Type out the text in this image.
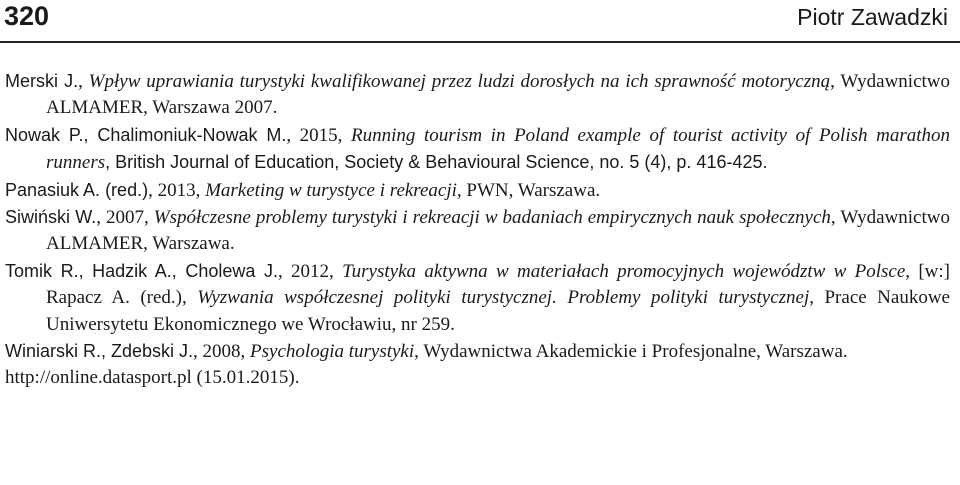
320	Piotr Zawadzki
Merski J., Wpływ uprawiania turystyki kwalifikowanej przez ludzi dorosłych na ich sprawność motoryczną, Wydawnictwo ALMAMER, Warszawa 2007.
Nowak P., Chalimoniuk-Nowak M., 2015, Running tourism in Poland example of tourist activity of Polish marathon runners, British Journal of Education, Society & Behavioural Science, no. 5 (4), p. 416-425.
Panasiuk A. (red.), 2013, Marketing w turystyce i rekreacji, PWN, Warszawa.
Siwiński W., 2007, Współczesne problemy turystyki i rekreacji w badaniach empirycznych nauk społecznych, Wydawnictwo ALMAMER, Warszawa.
Tomik R., Hadzik A., Cholewa J., 2012, Turystyka aktywna w materiałach promocyjnych województw w Polsce, [w:] Rapacz A. (red.), Wyzwania współczesnej polityki turystycznej. Problemy polityki turystycznej, Prace Naukowe Uniwersytetu Ekonomicznego we Wrocławiu, nr 259.
Winiarski R., Zdebski J., 2008, Psychologia turystyki, Wydawnictwa Akademickie i Profesjonalne, Warszawa.
http://online.datasport.pl (15.01.2015).
